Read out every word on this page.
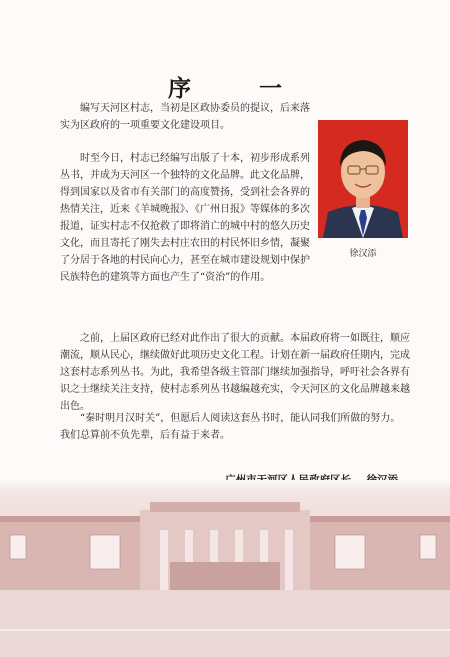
序 一
徐汉添

编写天河区村志，当初是区政协委员的提议，后来落实为区政府的一项重要文化建设项目。

时至今日，村志已经编写出版了十本，初步形成系列丛书，并成为天河区一个独特的文化品牌。此文化品牌，得到国家以及省市有关部门的高度赞扬，受到社会各界的热情关注，近来《羊城晚报》、《广州日报》等媒体的多次报道，证实村志不仅抢救了即将消亡的城中村的悠久历史文化，而且寄托了刚失去村庄农田的村民怀旧乡情，凝聚了分居于各地的村民向心力，甚至在城市建设规划中保护民族特色的建筑等方面也产生了“资治”的作用。

之前，上届区政府已经对此作出了很大的贡献。本届政府将一如既往，顺应潮流，顺从民心，继续做好此项历史文化工程。计划在新一届政府任期内，完成这套村志系列丛书。为此，我希望各级主管部门继续加强指导，呼吁社会各界有识之士继续关注支持，使村志系列丛书越编越充实，令天河区的文化品牌越来越出色。

“秦时明月汉时关”，但愿后人阅读这套丛书时，能认同我们所做的努力。我们总算前不负先辈，后有益于来者。
